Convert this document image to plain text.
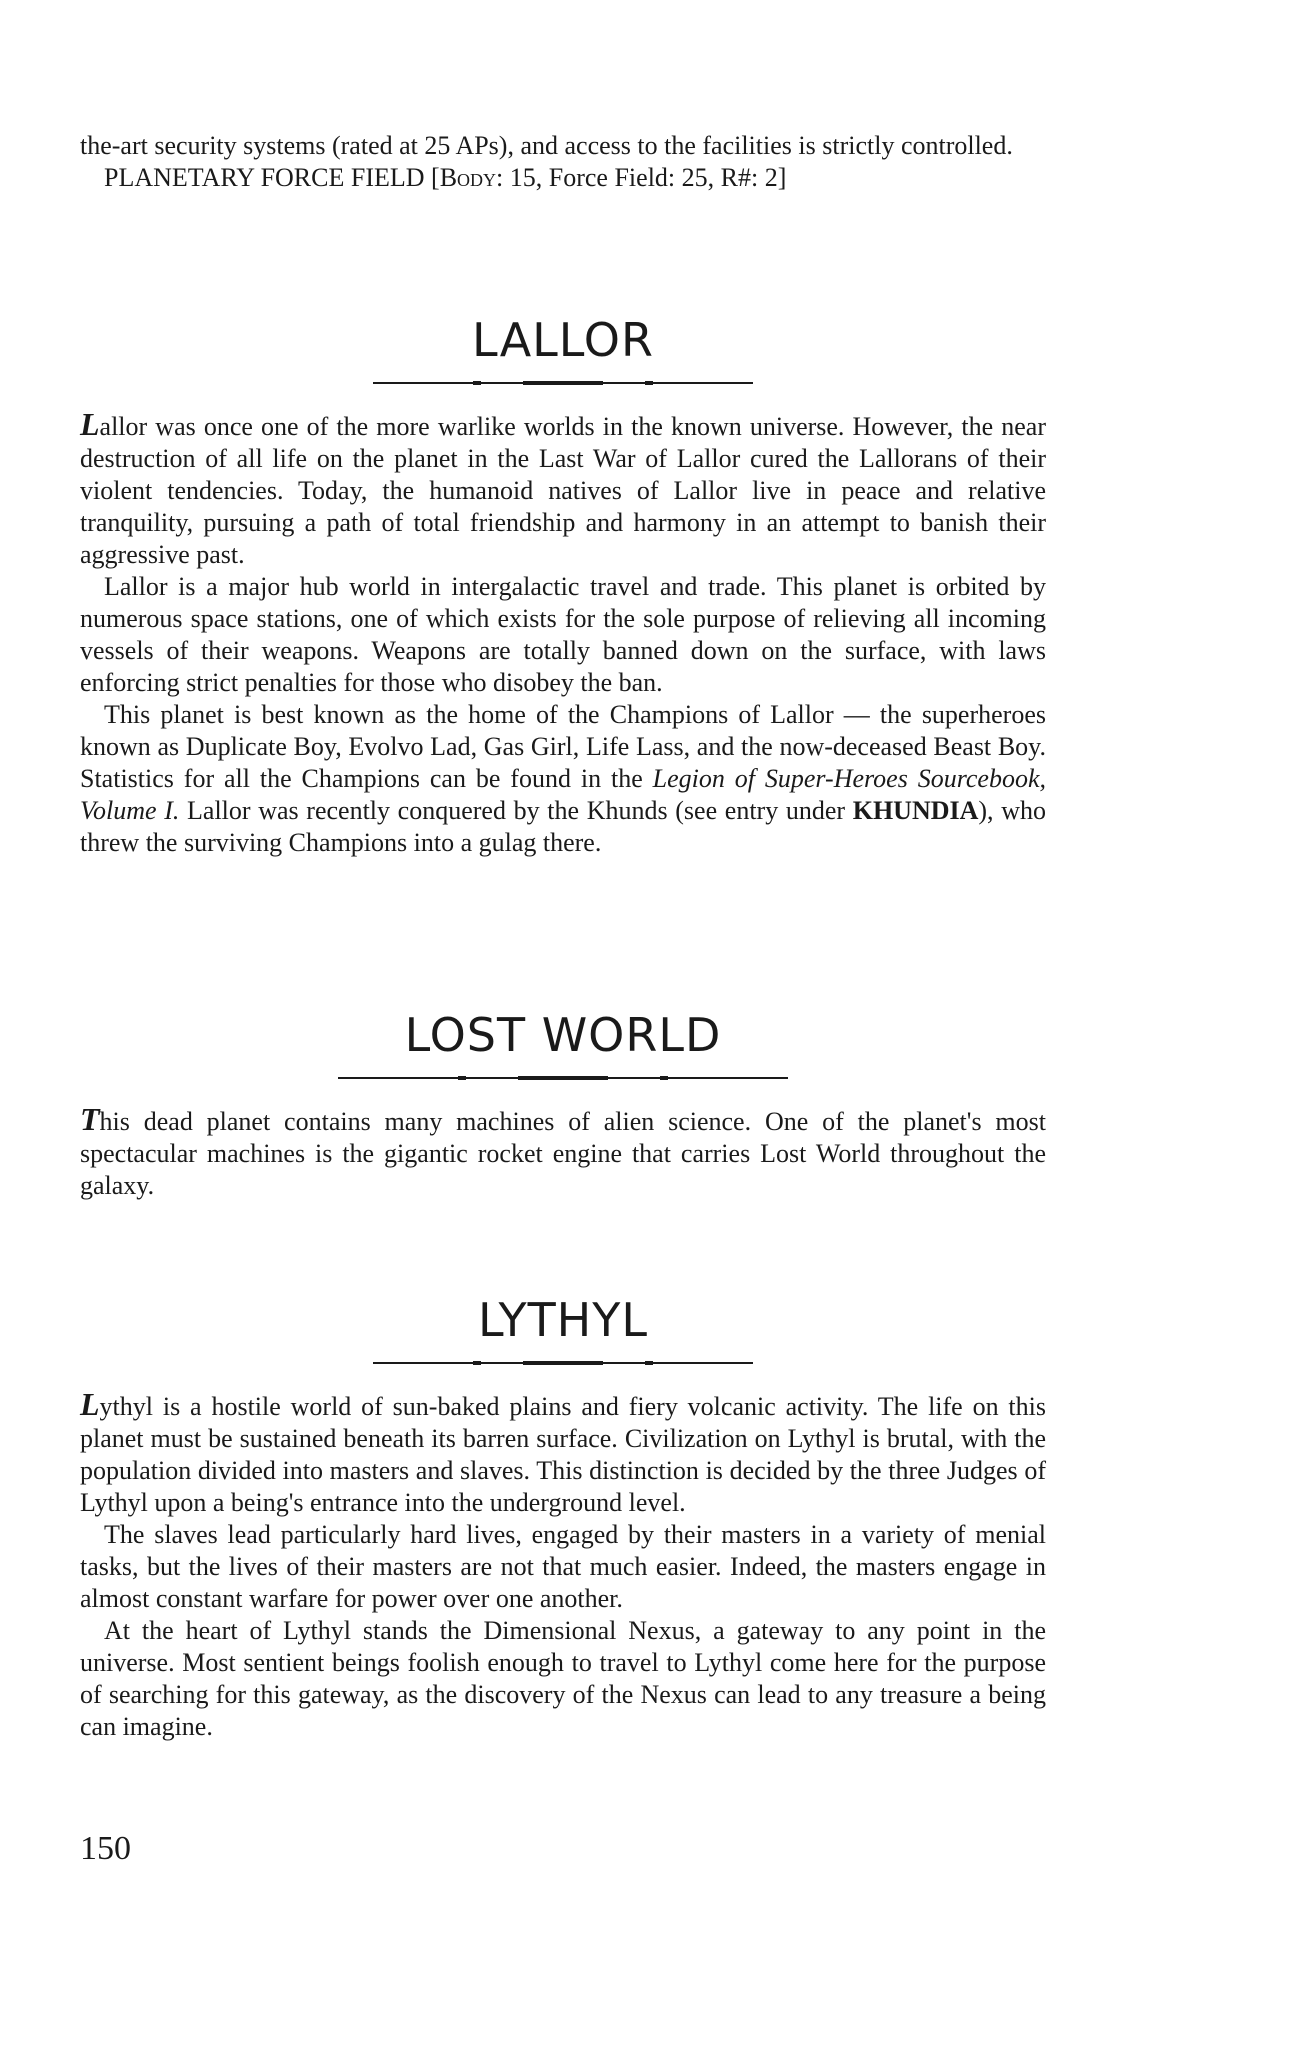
the-art security systems (rated at 25 APs), and access to the facilities is strictly controlled.

PLANETARY FORCE FIELD [Body: 15, Force Field: 25, R#: 2]

LALLOR

Lallor was once one of the more warlike worlds in the known universe. However, the near destruction of all life on the planet in the Last War of Lallor cured the Lallorans of their violent tendencies. Today, the humanoid natives of Lallor live in peace and relative tranquility, pursuing a path of total friendship and harmony in an attempt to banish their aggressive past.

Lallor is a major hub world in intergalactic travel and trade. This planet is orbited by numerous space stations, one of which exists for the sole purpose of relieving all incoming vessels of their weapons. Weapons are totally banned down on the surface, with laws enforcing strict penalties for those who disobey the ban.

This planet is best known as the home of the Champions of Lallor — the superheroes known as Duplicate Boy, Evolvo Lad, Gas Girl, Life Lass, and the now-deceased Beast Boy. Statistics for all the Champions can be found in the Legion of Super-Heroes Sourcebook, Volume I. Lallor was recently conquered by the Khunds (see entry under KHUNDIA), who threw the surviving Champions into a gulag there.

LOST WORLD

This dead planet contains many machines of alien science. One of the planet's most spectacular machines is the gigantic rocket engine that carries Lost World throughout the galaxy.

LYTHYL

Lythyl is a hostile world of sun-baked plains and fiery volcanic activity. The life on this planet must be sustained beneath its barren surface. Civilization on Lythyl is brutal, with the population divided into masters and slaves. This distinction is decided by the three Judges of Lythyl upon a being's entrance into the underground level.

The slaves lead particularly hard lives, engaged by their masters in a variety of menial tasks, but the lives of their masters are not that much easier. Indeed, the masters engage in almost constant warfare for power over one another.

At the heart of Lythyl stands the Dimensional Nexus, a gateway to any point in the universe. Most sentient beings foolish enough to travel to Lythyl come here for the purpose of searching for this gateway, as the discovery of the Nexus can lead to any treasure a being can imagine.

150
